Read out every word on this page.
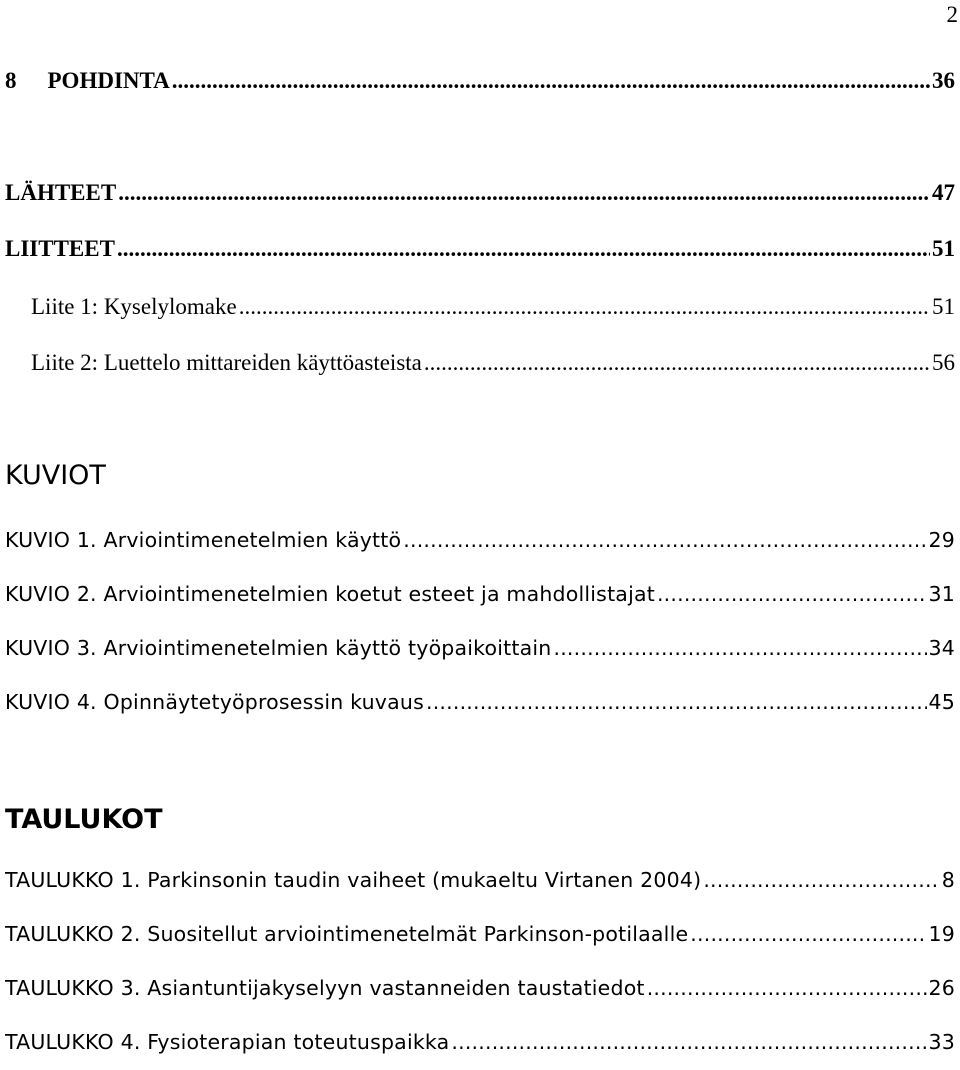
2
8 POHDINTA .....	36
LÄHTEET .....	47
LIITTEET .....	51
Liite 1: Kyselylomake .....	51
Liite 2: Luettelo mittareiden käyttöasteista .....	56
KUVIOT
KUVIO 1. Arviointimenetelmien käyttö .....	29
KUVIO 2. Arviointimenetelmien koetut esteet ja mahdollistajat .....	31
KUVIO 3. Arviointimenetelmien käyttö työpaikoittain .....	34
KUVIO 4. Opinnäytetyöprosessin kuvaus .....	45
TAULUKOT
TAULUKKO 1. Parkinsonin taudin vaiheet (mukaeltu Virtanen 2004) .....	8
TAULUKKO 2. Suositellut arviointimenetelmät Parkinson-potilaalle .....	19
TAULUKKO 3. Asiantuntijakyselyyn vastanneiden taustatiedot .....	26
TAULUKKO 4. Fysioterapian toteutuspaikka .....	33
